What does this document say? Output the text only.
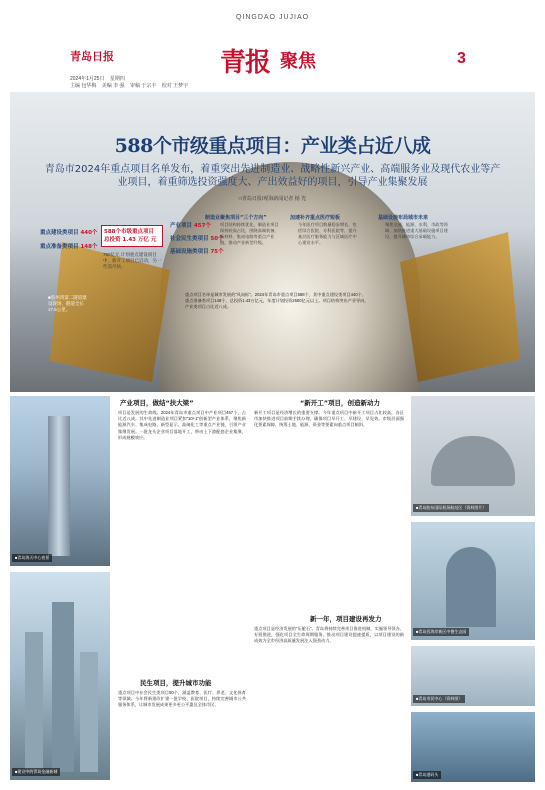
QINGDAO JUJIAO
青岛日报
2024年1月25日 星期四
主编 包华梅 美编 李 强 审稿 于宗丰 校对 王梦宇
青报 聚焦	3
588个市级重点项目：产业类占近八成
青岛市2024年重点项目名单发布，着重突出先进制造业、战略性新兴产业、高端服务业及现代农业等产业项目，着重筛选投资强度大、产出效益好的项目，引导产业集聚发展
□青岛日报/观海新闻记者 杨 光
重点建设类项目 440个
重点准备类项目 148个
588个市级重点项目
总投资 1.43 万亿 元
750亿元 计划重点建设项目中，新开工项目已启动，另一些需尽快，
产业项目 457个
社会民生类项目 50个
基础设施类项目 75个
制造业聚焦项目“三个方向”
项目结构持续优化，制造业项目保持较高占比，围绕高端装备、新材料、集成电路等重点产业链，推动产业转型升级。
加速补齐重点医疗短板
今年医疗项目数量稳步增长，包括综合医院、专科医院等，提升基层医疗服务能力与区域医疗中心建设水平。
基础设施布局城市未来
聚焦交通、能源、水利、市政等领域，加快推进重大基础设施项目建设，提升城市综合承载能力。
■胶州湾第二隧道建设现场，隧道全长17.5公里。
重点项目名单是城市发展的“风向标”。2024年青岛市重点项目588个，其中重点建设类项目440个、重点准备类项目148个，总投资1.43万亿元，年度计划投资2500亿元以上。项目结构突出产业导向，产业类项目占比近八成。
■青岛海天中心夜景
■建设中的青岛金融新城
产业项目，做结“扶大梁”
项目是发展的生命线。2024年青岛市重点项目中产业项目457个，占比近八成。其中先进制造业项目紧扣“10+1”创新型产业体系，聚焦新能源汽车、集成电路、新型显示、高端化工等重点产业链，引领产业集聚发展。一批龙头企业项目落地开工，带动上下游配套企业集聚，形成规模效应。
民生项目，提升城市功能
重点项目中社会民生类项目50个，涵盖教育、医疗、养老、文化体育等领域。今年将新建改扩建一批学校、医院项目，持续完善城市公共服务体系，让城市发展成果更多更公平惠及全体市民。
“新开工”项目，创造新动力
新开工项目是经济增长的重要支撑。今年重点项目中新开工项目占比较高，各区市加快推进项目前期手续办理，确保项目早开工、早建设、早见效。市级层面强化要素保障，统筹土地、能源、资金等要素向重点项目倾斜。
新一年，项目建设再发力
重点项目是经济发展的“压舱石”。青岛将持续完善项目推进机制，实施领导领办、专班推进，强化项目全生命周期服务，推动项目建设提速提质，以项目建设的新成效为全市经济高质量发展注入强劲动力。
■青岛胶东国际机场航站区（资料图片）
■青岛西海岸新区中德生态园
■青岛市民中心（资料图）
■青岛港码头
